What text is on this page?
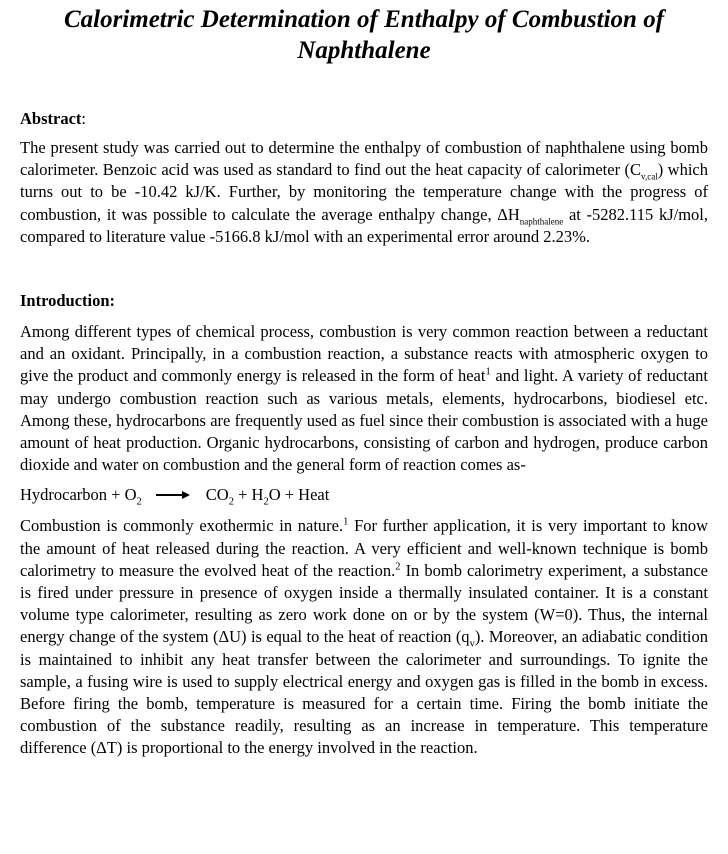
Calorimetric Determination of Enthalpy of Combustion of Naphthalene
Abstract:

The present study was carried out to determine the enthalpy of combustion of naphthalene using bomb calorimeter. Benzoic acid was used as standard to find out the heat capacity of calorimeter $(C_{v,cal})$ which turns out to be -10.42 kJ/K. Further, by monitoring the temperature change with the progress of combustion, it was possible to calculate the average enthalpy change, $\Delta H_{naphthalene}$ at -5282.115 kJ/mol, compared to literature value -5166.8 kJ/mol with an experimental error around 2.23%.

Introduction:

Among different types of chemical process, combustion is very common reaction between a reductant and an oxidant. Principally, in a combustion reaction, a substance reacts with atmospheric oxygen to give the product and commonly energy is released in the form of heat$^1$ and light. A variety of reductant may undergo combustion reaction such as various metals, elements, hydrocarbons, biodiesel etc. Among these, hydrocarbons are frequently used as fuel since their combustion is associated with a huge amount of heat production. Organic hydrocarbons, consisting of carbon and hydrogen, produce carbon dioxide and water on combustion and the general form of reaction comes as-

Hydrocarbon + $O_2$	$CO_2 + H_2O$ + Heat

Combustion is commonly exothermic in nature.$^1$ For further application, it is very important to know the amount of heat released during the reaction. A very efficient and well-known technique is bomb calorimetry to measure the evolved heat of the reaction.$^2$ In bomb calorimetry experiment, a substance is fired under pressure in presence of oxygen inside a thermally insulated container. It is a constant volume type calorimeter, resulting as zero work done on or by the system (W=0). Thus, the internal energy change of the system (ΔU) is equal to the heat of reaction $(q_v)$. Moreover, an adiabatic condition is maintained to inhibit any heat transfer between the calorimeter and surroundings. To ignite the sample, a fusing wire is used to supply electrical energy and oxygen gas is filled in the bomb in excess. Before firing the bomb, temperature is measured for a certain time. Firing the bomb initiate the combustion of the substance readily, resulting as an increase in temperature. This temperature difference (ΔT) is proportional to the energy involved in the reaction.
